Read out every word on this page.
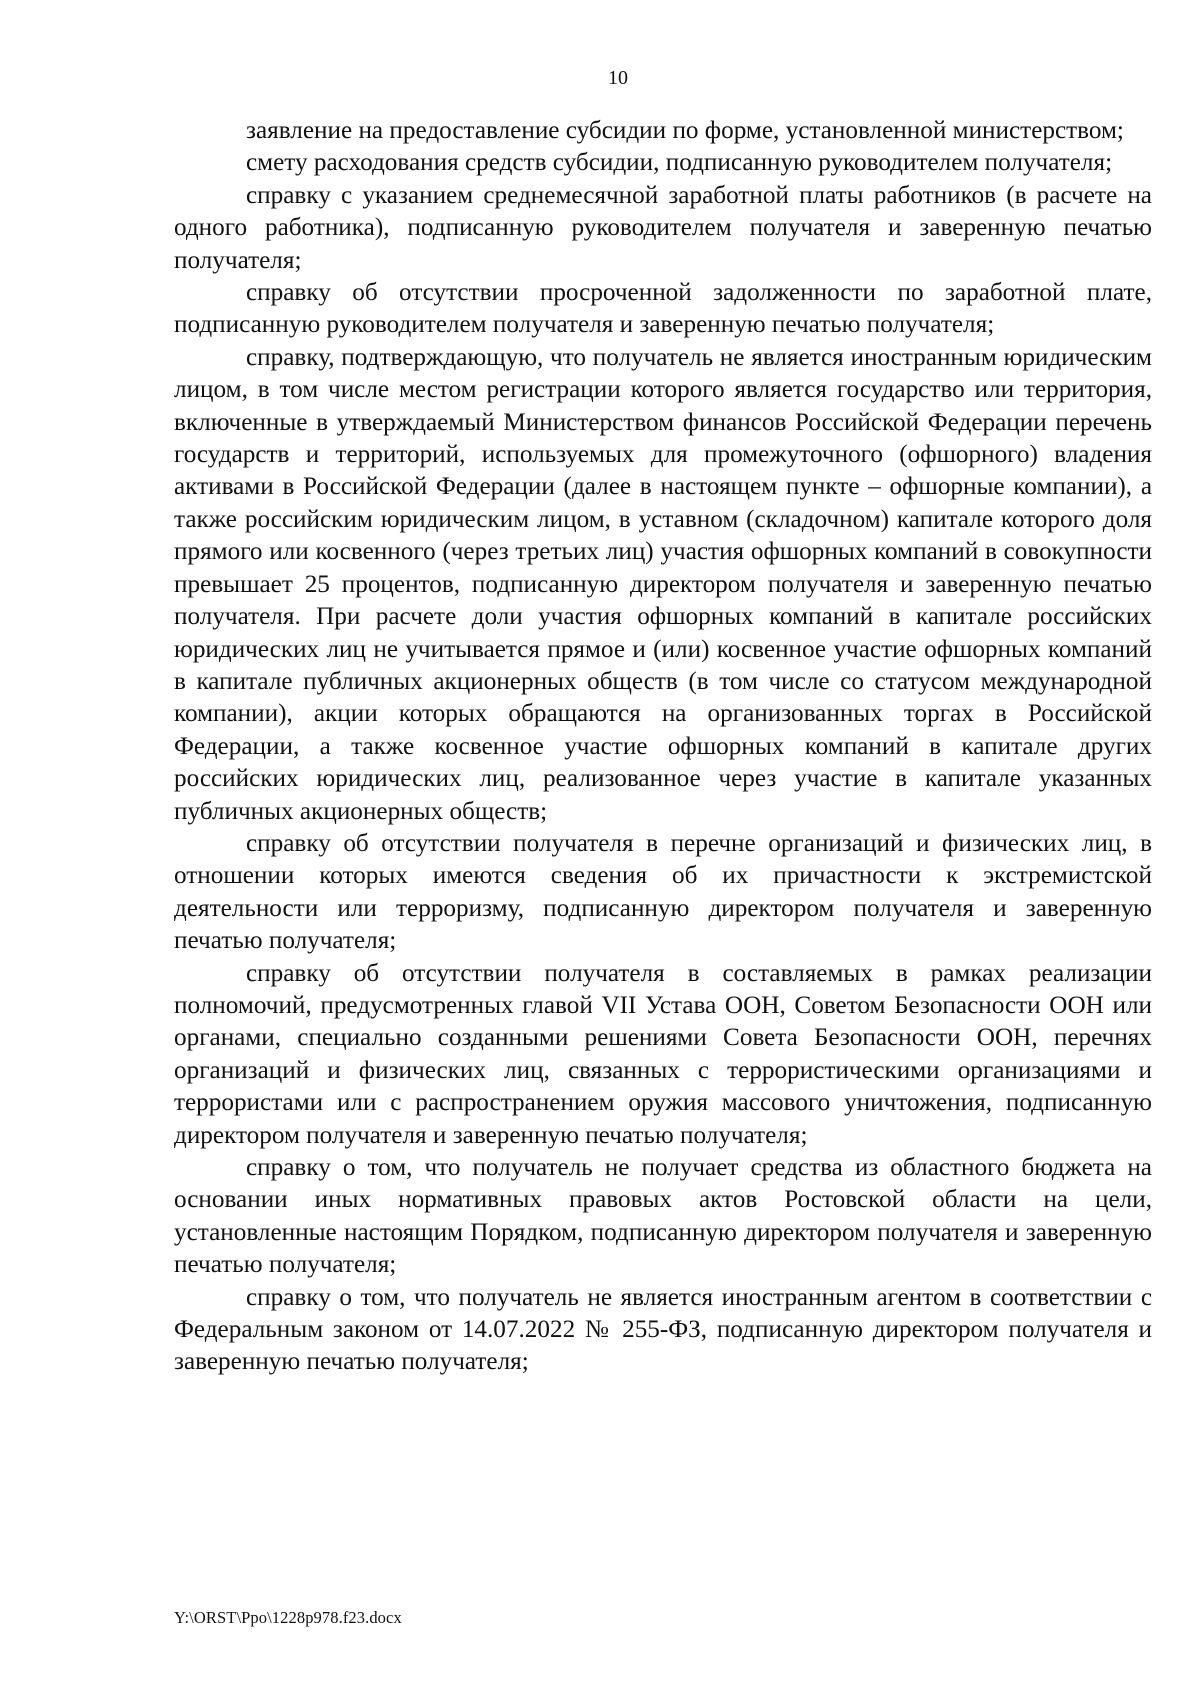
10

заявление на предоставление субсидии по форме, установленной министерством;

смету расходования средств субсидии, подписанную руководителем получателя;

справку с указанием среднемесячной заработной платы работников (в расчете на одного работника), подписанную руководителем получателя и заверенную печатью получателя;

справку об отсутствии просроченной задолженности по заработной плате, подписанную руководителем получателя и заверенную печатью получателя;

справку, подтверждающую, что получатель не является иностранным юридическим лицом, в том числе местом регистрации которого является государство или территория, включенные в утверждаемый Министерством финансов Российской Федерации перечень государств и территорий, используемых для промежуточного (офшорного) владения активами в Российской Федерации (далее в настоящем пункте – офшорные компании), а также российским юридическим лицом, в уставном (складочном) капитале которого доля прямого или косвенного (через третьих лиц) участия офшорных компаний в совокупности превышает 25 процентов, подписанную директором получателя и заверенную печатью получателя. При расчете доли участия офшорных компаний в капитале российских юридических лиц не учитывается прямое и (или) косвенное участие офшорных компаний в капитале публичных акционерных обществ (в том числе со статусом международной компании), акции которых обращаются на организованных торгах в Российской Федерации, а также косвенное участие офшорных компаний в капитале других российских юридических лиц, реализованное через участие в капитале указанных публичных акционерных обществ;

справку об отсутствии получателя в перечне организаций и физических лиц, в отношении которых имеются сведения об их причастности к экстремистской деятельности или терроризму, подписанную директором получателя и заверенную печатью получателя;

справку об отсутствии получателя в составляемых в рамках реализации полномочий, предусмотренных главой VII Устава ООН, Советом Безопасности ООН или органами, специально созданными решениями Совета Безопасности ООН, перечнях организаций и физических лиц, связанных с террористическими организациями и террористами или с распространением оружия массового уничтожения, подписанную директором получателя и заверенную печатью получателя;

справку о том, что получатель не получает средства из областного бюджета на основании иных нормативных правовых актов Ростовской области на цели, установленные настоящим Порядком, подписанную директором получателя и заверенную печатью получателя;

справку о том, что получатель не является иностранным агентом в соответствии с Федеральным законом от 14.07.2022 № 255-ФЗ, подписанную директором получателя и заверенную печатью получателя;

Y:\ORST\Ppo\1228p978.f23.docx
